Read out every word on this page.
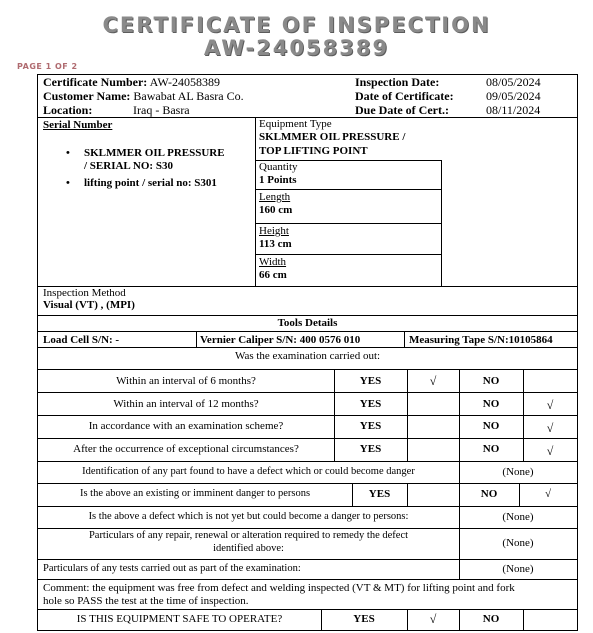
CERTIFICATE OF INSPECTION
AW-24058389
PAGE 1 OF 2
Certificate Number: AW-24058389
Customer Name: Bawabat AL Basra Co.
Location:	Iraq - Basra
Inspection Date:	08/05/2024
Date of Certificate:	09/05/2024
Due Date of Cert.:	08/11/2024
Serial Number
• SKLMMER OIL PRESSURE
/ SERIAL NO: S30
• lifting point / serial no: S301
Equipment Type
SKLMMER OIL PRESSURE /
TOP LIFTING POINT
Quantity
1 Points
Length
160 cm
Height
113 cm
Width
66 cm
Inspection Method
Visual (VT) , (MPI)
Tools Details
Load Cell S/N: -	Vernier Caliper S/N: 400 0576 010	Measuring Tape S/N:10105864
Was the examination carried out:
Within an interval of 6 months?	YES	√	NO
Within an interval of 12 months?	YES	NO	√
In accordance with an examination scheme?	YES	NO	√
After the occurrence of exceptional circumstances?	YES	NO	√
Identification of any part found to have a defect which or could become danger	(None)
Is the above an existing or imminent danger to persons	YES	NO	√
Is the above a defect which is not yet but could become a danger to persons:	(None)
Particulars of any repair, renewal or alteration required to remedy the defect
identified above:	(None)
Particulars of any tests carried out as part of the examination:	(None)
Comment: the equipment was free from defect and welding inspected (VT & MT) for lifting point and fork
hole so PASS the test at the time of inspection.
IS THIS EQUIPMENT SAFE TO OPERATE?	YES	√	NO
